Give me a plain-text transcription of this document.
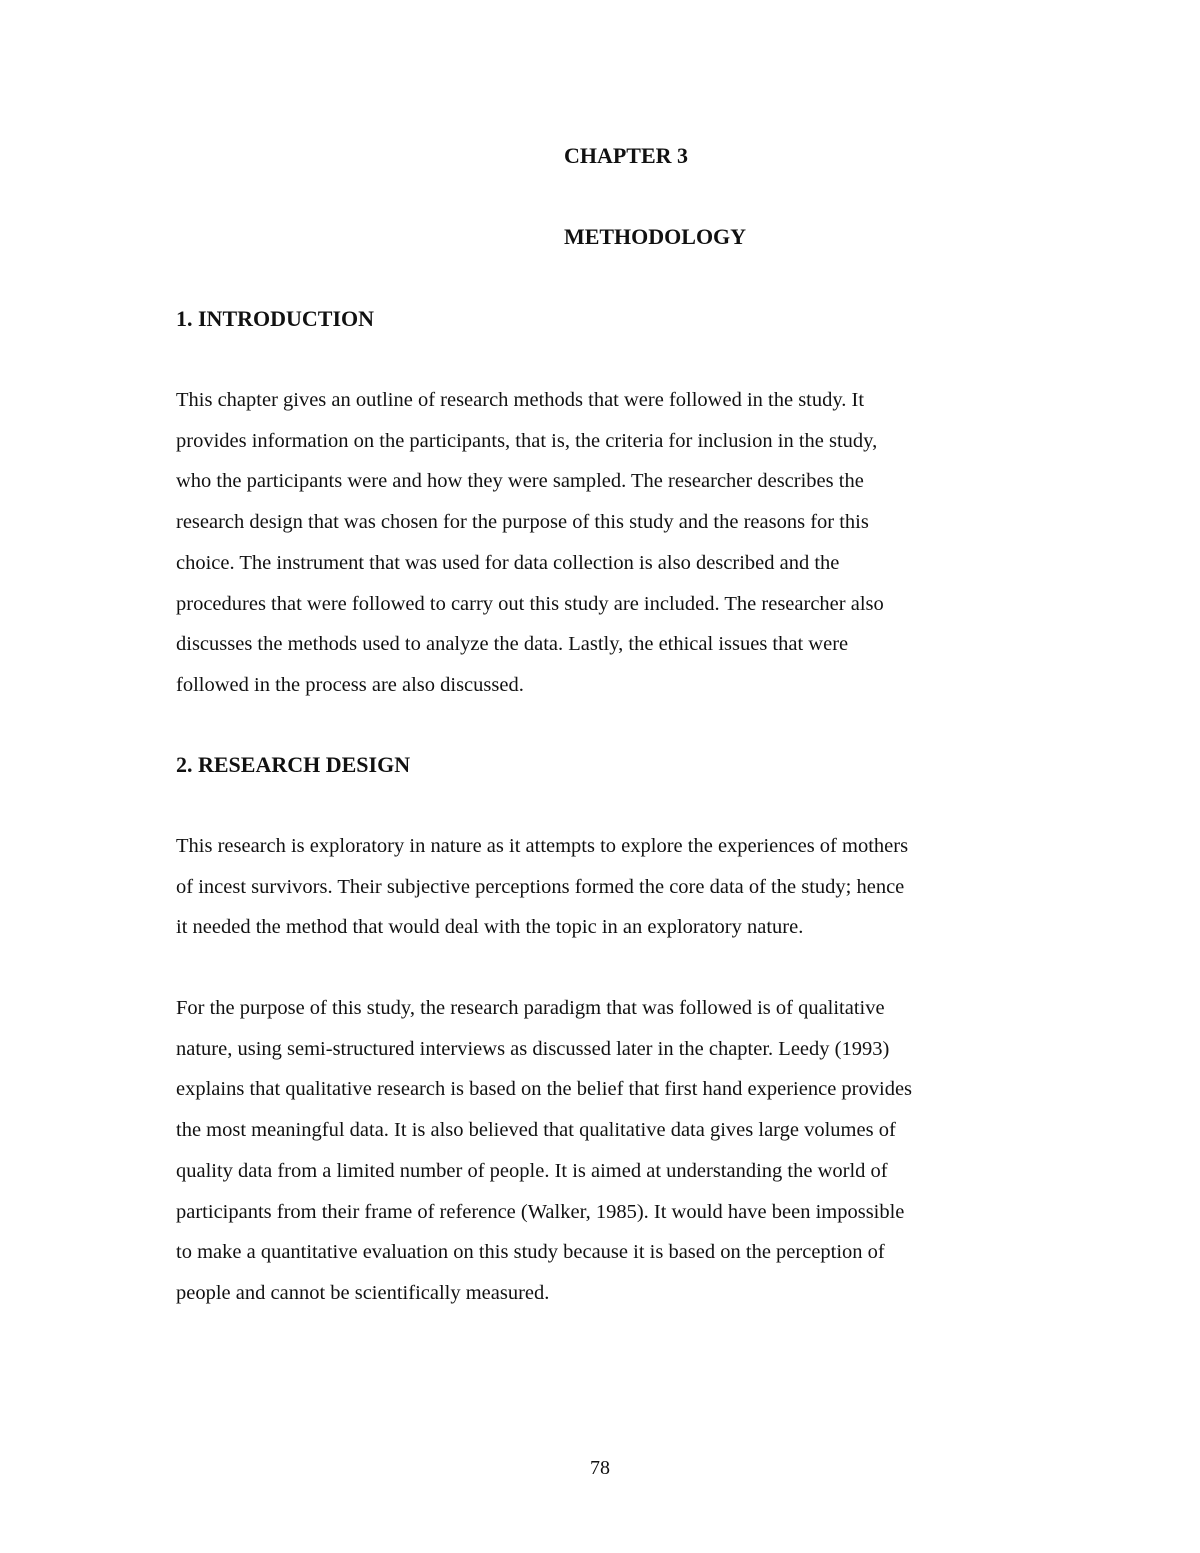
CHAPTER 3
METHODOLOGY
1. INTRODUCTION

This chapter gives an outline of research methods that were followed in the study. It
provides information on the participants, that is, the criteria for inclusion in the study,
who the participants were and how they were sampled. The researcher describes the
research design that was chosen for the purpose of this study and the reasons for this
choice. The instrument that was used for data collection is also described and the
procedures that were followed to carry out this study are included. The researcher also
discusses the methods used to analyze the data. Lastly, the ethical issues that were
followed in the process are also discussed.

2. RESEARCH DESIGN

This research is exploratory in nature as it attempts to explore the experiences of mothers
of incest survivors. Their subjective perceptions formed the core data of the study; hence
it needed the method that would deal with the topic in an exploratory nature.

For the purpose of this study, the research paradigm that was followed is of qualitative
nature, using semi-structured interviews as discussed later in the chapter. Leedy (1993)
explains that qualitative research is based on the belief that first hand experience provides
the most meaningful data. It is also believed that qualitative data gives large volumes of
quality data from a limited number of people. It is aimed at understanding the world of
participants from their frame of reference (Walker, 1985). It would have been impossible
to make a quantitative evaluation on this study because it is based on the perception of
people and cannot be scientifically measured.

78
